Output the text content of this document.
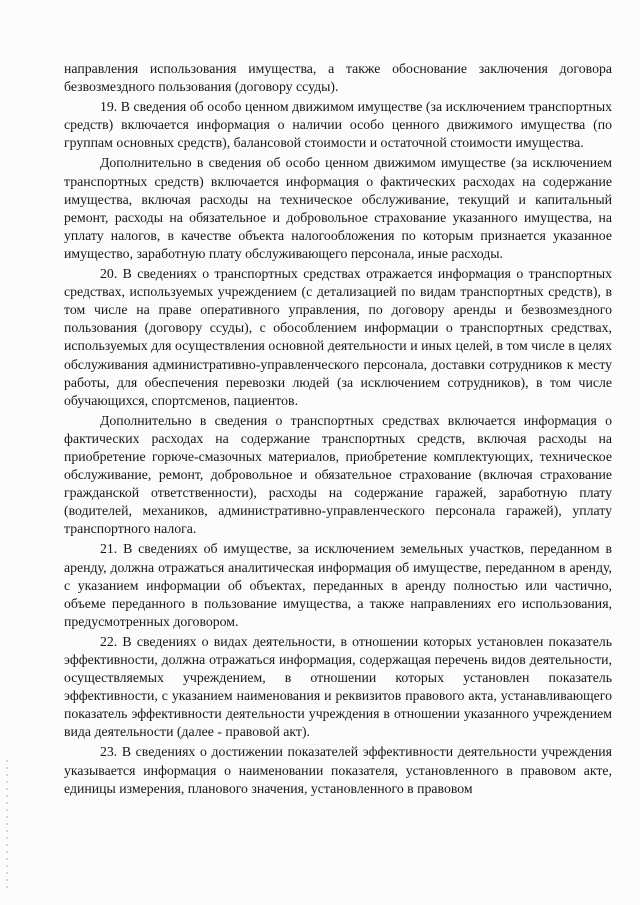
направления использования имущества, а также обоснование заключения договора безвозмездного пользования (договору ссуды).

19. В сведения об особо ценном движимом имуществе (за исключением транспортных средств) включается информация о наличии особо ценного движимого имущества (по группам основных средств), балансовой стоимости и остаточной стоимости имущества.

Дополнительно в сведения об особо ценном движимом имуществе (за исключением транспортных средств) включается информация о фактических расходах на содержание имущества, включая расходы на техническое обслуживание, текущий и капитальный ремонт, расходы на обязательное и добровольное страхование указанного имущества, на уплату налогов, в качестве объекта налогообложения по которым признается указанное имущество, заработную плату обслуживающего персонала, иные расходы.

20. В сведениях о транспортных средствах отражается информация о транспортных средствах, используемых учреждением (с детализацией по видам транспортных средств), в том числе на праве оперативного управления, по договору аренды и безвозмездного пользования (договору ссуды), с обособлением информации о транспортных средствах, используемых для осуществления основной деятельности и иных целей, в том числе в целях обслуживания административно-управленческого персонала, доставки сотрудников к месту работы, для обеспечения перевозки людей (за исключением сотрудников), в том числе обучающихся, спортсменов, пациентов.

Дополнительно в сведения о транспортных средствах включается информация о фактических расходах на содержание транспортных средств, включая расходы на приобретение горюче-смазочных материалов, приобретение комплектующих, техническое обслуживание, ремонт, добровольное и обязательное страхование (включая страхование гражданской ответственности), расходы на содержание гаражей, заработную плату (водителей, механиков, административно-управленческого персонала гаражей), уплату транспортного налога.

21. В сведениях об имуществе, за исключением земельных участков, переданном в аренду, должна отражаться аналитическая информация об имуществе, переданном в аренду, с указанием информации об объектах, переданных в аренду полностью или частично, объеме переданного в пользование имущества, а также направлениях его использования, предусмотренных договором.

22. В сведениях о видах деятельности, в отношении которых установлен показатель эффективности, должна отражаться информация, содержащая перечень видов деятельности, осуществляемых учреждением, в отношении которых установлен показатель эффективности, с указанием наименования и реквизитов правового акта, устанавливающего показатель эффективности деятельности учреждения в отношении указанного учреждением вида деятельности (далее - правовой акт).

23. В сведениях о достижении показателей эффективности деятельности учреждения указывается информация о наименовании показателя, установленного в правовом акте, единицы измерения, планового значения, установленного в правовом
